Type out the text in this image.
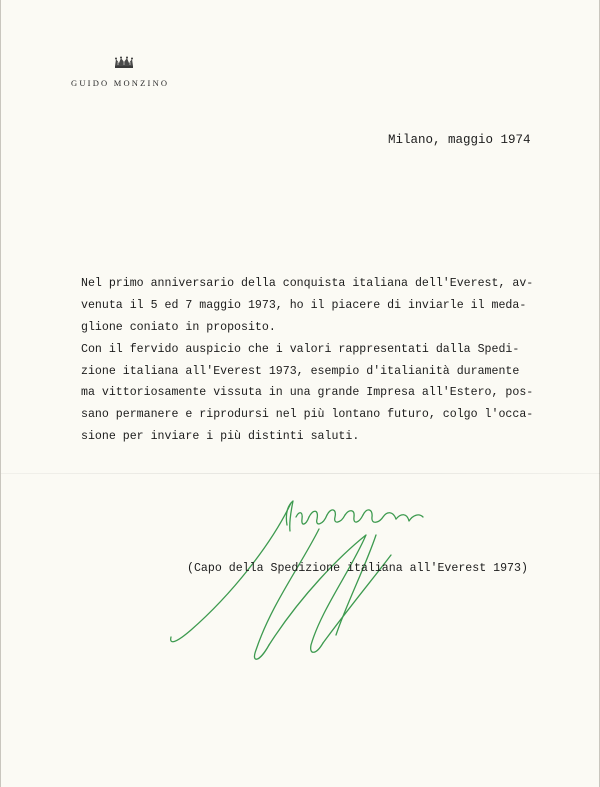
GUIDO MONZINO
Milano, maggio 1974
Nel primo anniversario della conquista italiana dell'Everest, av-
venuta il 5 ed 7 maggio 1973, ho il piacere di inviarle il meda-
glione coniato in proposito.
Con il fervido auspicio che i valori rappresentati dalla Spedi-
zione italiana all'Everest 1973, esempio d'italianità duramente
ma vittoriosamente vissuta in una grande Impresa all'Estero, pos-
sano permanere e riprodursi nel più lontano futuro, colgo l'occa-
sione per inviare i più distinti saluti.
(Capo della Spedizione italiana all'Everest 1973)
